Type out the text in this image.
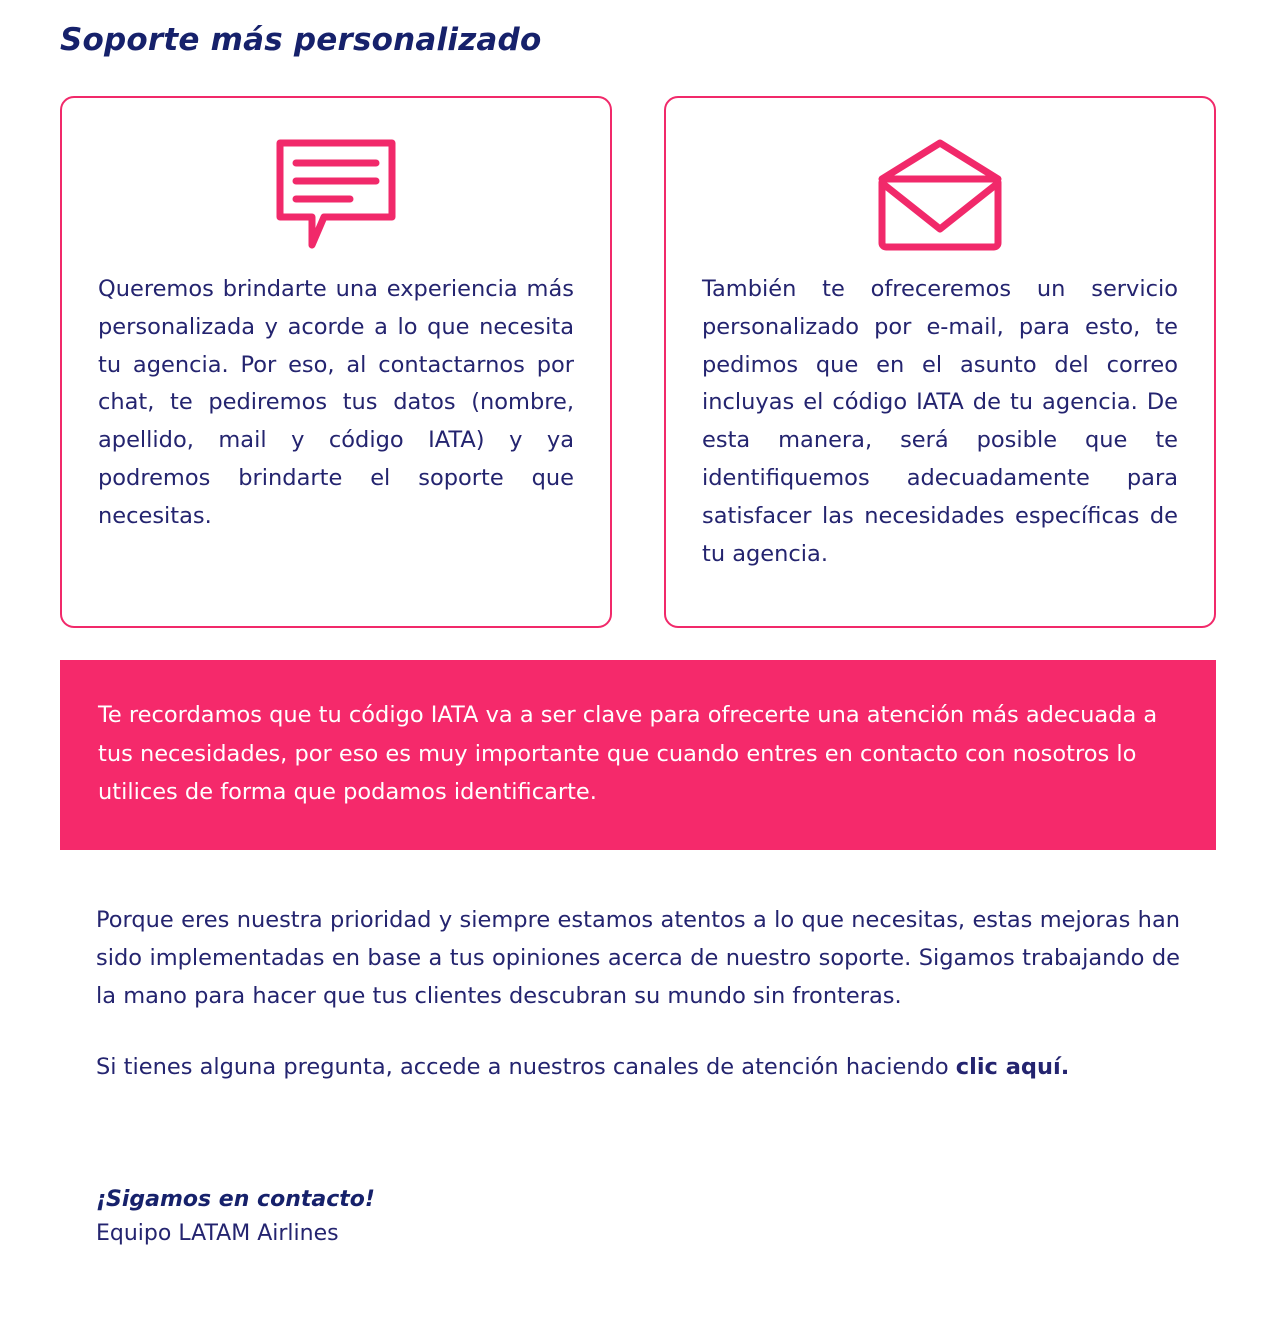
Soporte más personalizado
Queremos brindarte una experiencia más personalizada y acorde a lo que necesita tu agencia. Por eso, al contactarnos por chat, te pediremos tus datos (nombre, apellido, mail y código IATA) y ya podremos brindarte el soporte que necesitas.
También te ofreceremos un servicio personalizado por e-mail, para esto, te pedimos que en el asunto del correo incluyas el código IATA de tu agencia. De esta manera, será posible que te identifiquemos adecuadamente para satisfacer las necesidades específicas de tu agencia.
Te recordamos que tu código IATA va a ser clave para ofrecerte una atención más adecuada a tus necesidades, por eso es muy importante que cuando entres en contacto con nosotros lo utilices de forma que podamos identificarte.
Porque eres nuestra prioridad y siempre estamos atentos a lo que necesitas, estas mejoras han sido implementadas en base a tus opiniones acerca de nuestro soporte. Sigamos trabajando de la mano para hacer que tus clientes descubran su mundo sin fronteras.
Si tienes alguna pregunta, accede a nuestros canales de atención haciendo clic aquí.
¡Sigamos en contacto!
Equipo LATAM Airlines
